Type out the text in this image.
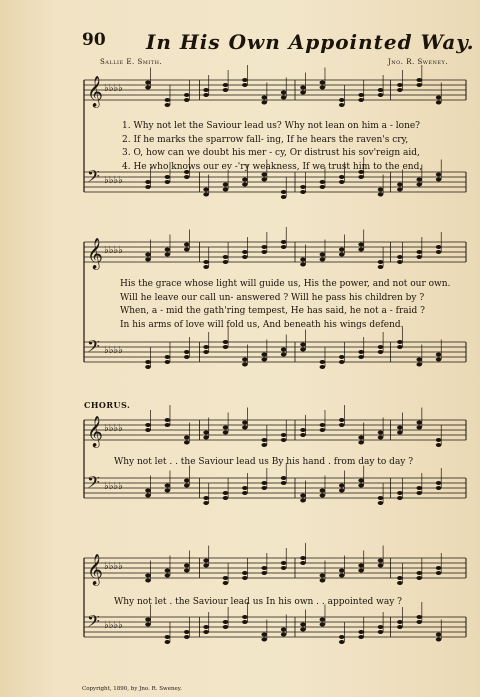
90 In His Own Appointed Way.
Sallie E. Smith.	Jno. R. Sweney.
𝄞 ♭♭♭♭
𝄢 ♭♭♭♭
𝄞 ♭♭♭♭
𝄢 ♭♭♭♭
𝄞 ♭♭♭♭
𝄢 ♭♭♭♭
𝄞 ♭♭♭♭
𝄢 ♭♭♭♭
1. Why not let the Saviour lead us? Why not lean on him a - lone?
2. If he marks the sparrow fall- ing, If he hears the raven's cry,
3. O, how can we doubt his mer - cy, Or distrust his sov'reign aid,
4. He who knows our ev -'ry weakness, If we trust him to the end,
His the grace whose light will guide us, His the power, and not our own.
Will he leave our call un- answered ? Will he pass his children by ?
When, a - mid the gath'ring tempest, He has said, he not a - fraid ?
In his arms of love will fold us, And beneath his wings defend.
CHORUS.
Why not let . . the Saviour lead us By his hand . from day to day ?
Why not let . the Saviour lead us In his own . . appointed way ?
Copyright, 1890, by Jno. R. Sweney.
